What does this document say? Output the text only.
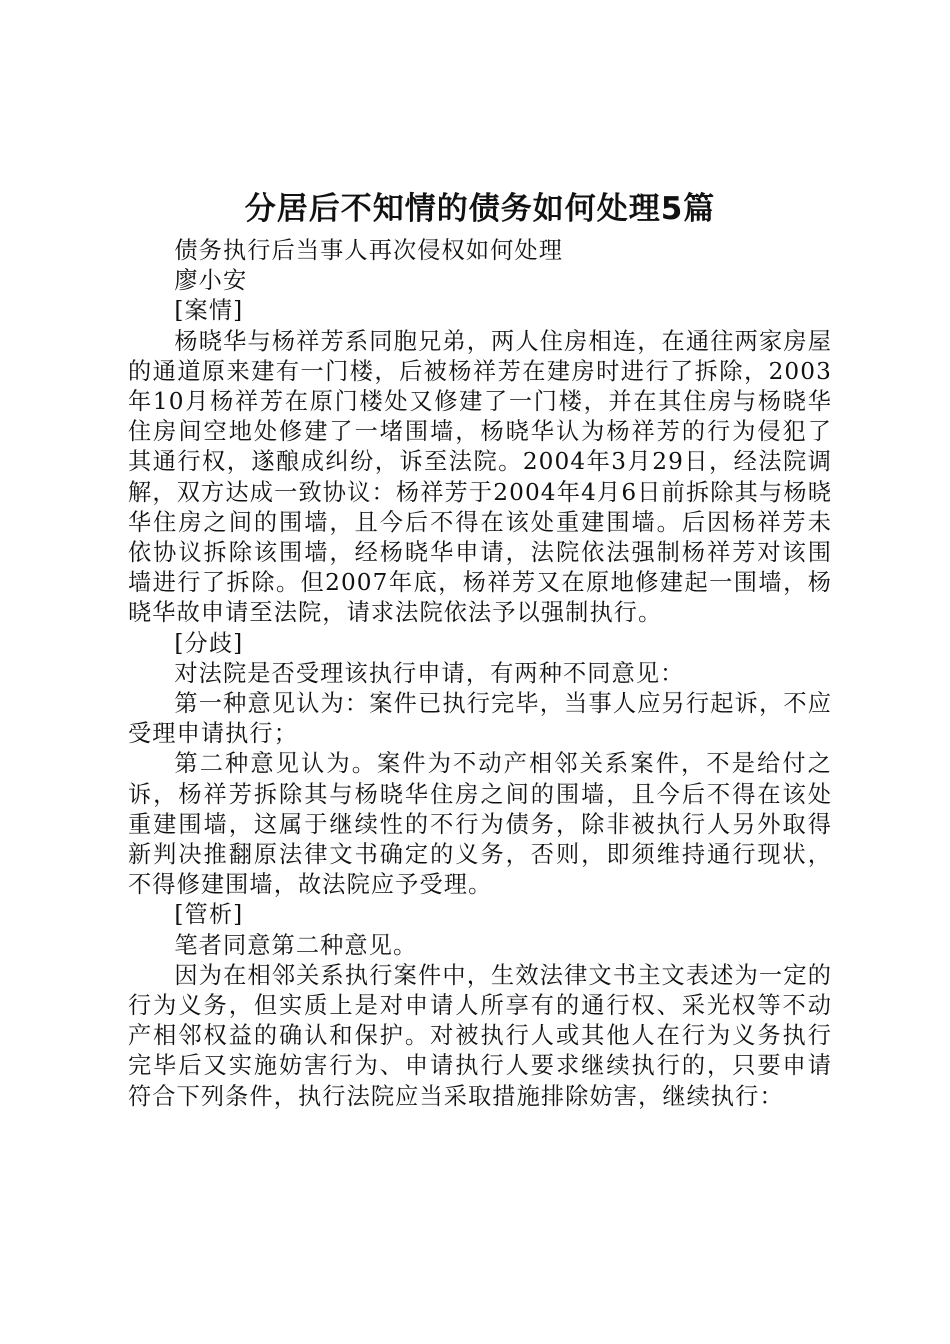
分居后不知情的债务如何处理5篇

债务执行后当事人再次侵权如何处理

廖小安

[案情]

杨晓华与杨祥芳系同胞兄弟，两人住房相连，在通往两家房屋的通道原来建有一门楼，后被杨祥芳在建房时进行了拆除，2003年10月杨祥芳在原门楼处又修建了一门楼，并在其住房与杨晓华住房间空地处修建了一堵围墙，杨晓华认为杨祥芳的行为侵犯了其通行权，遂酿成纠纷，诉至法院。2004年3月29日，经法院调解，双方达成一致协议：杨祥芳于2004年4月6日前拆除其与杨晓华住房之间的围墙，且今后不得在该处重建围墙。后因杨祥芳未依协议拆除该围墙，经杨晓华申请，法院依法强制杨祥芳对该围墙进行了拆除。但2007年底，杨祥芳又在原地修建起一围墙，杨晓华故申请至法院，请求法院依法予以强制执行。

[分歧]

对法院是否受理该执行申请，有两种不同意见：

第一种意见认为：案件已执行完毕，当事人应另行起诉，不应受理申请执行；

第二种意见认为。案件为不动产相邻关系案件，不是给付之诉，杨祥芳拆除其与杨晓华住房之间的围墙，且今后不得在该处重建围墙，这属于继续性的不行为债务，除非被执行人另外取得新判决推翻原法律文书确定的义务，否则，即须维持通行现状，不得修建围墙，故法院应予受理。

[管析]

笔者同意第二种意见。

因为在相邻关系执行案件中，生效法律文书主文表述为一定的行为义务，但实质上是对申请人所享有的通行权、采光权等不动产相邻权益的确认和保护。对被执行人或其他人在行为义务执行完毕后又实施妨害行为、申请执行人要求继续执行的，只要申请符合下列条件，执行法院应当采取措施排除妨害，继续执行：
